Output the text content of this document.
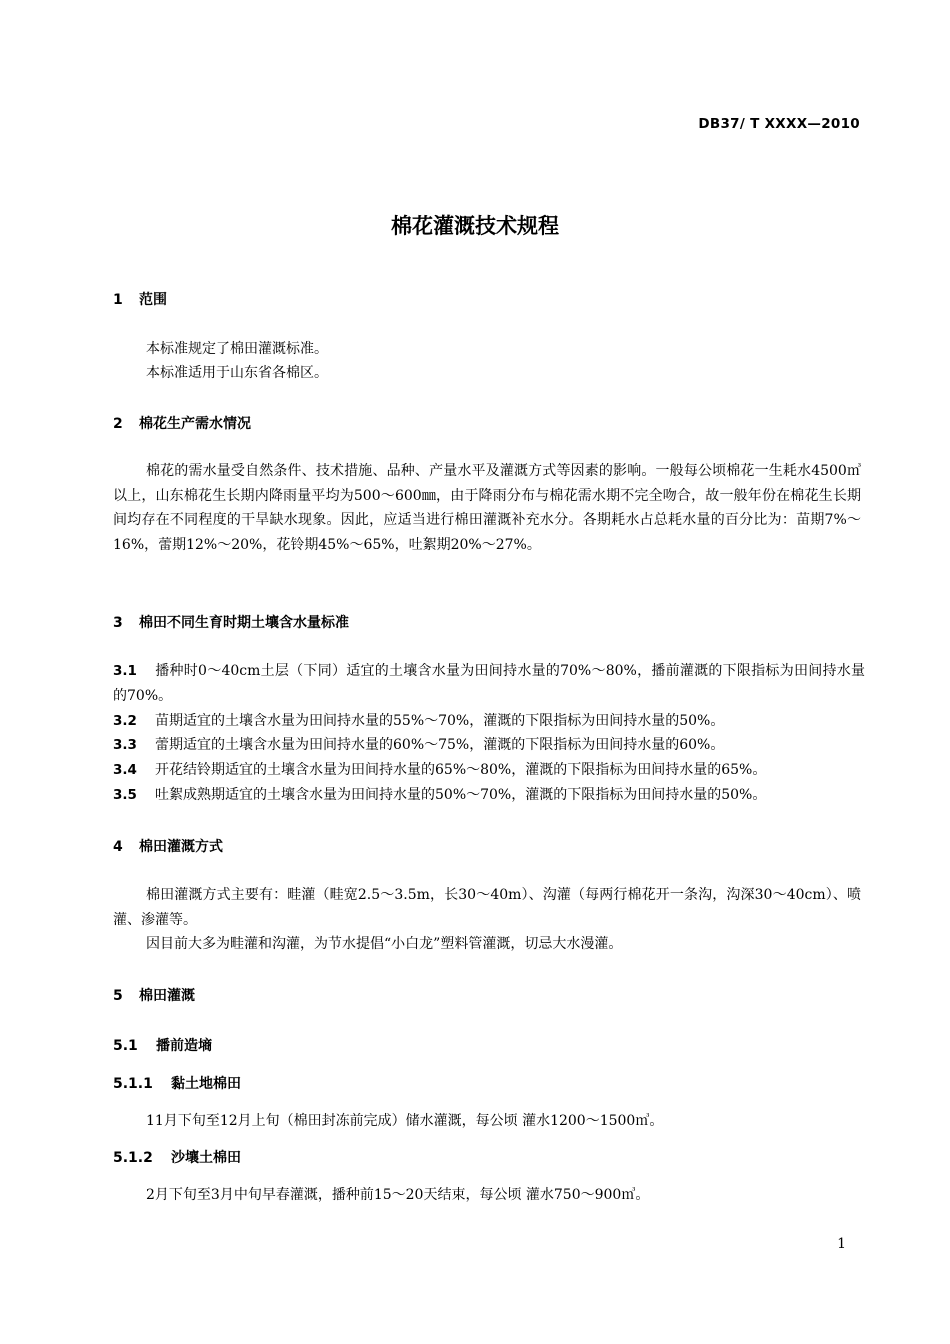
DB37/ T XXXX—2010
棉花灌溉技术规程
1 范围
本标准规定了棉田灌溉标准。
本标准适用于山东省各棉区。
2 棉花生产需水情况
棉花的需水量受自然条件、技术措施、品种、产量水平及灌溉方式等因素的影响。一般每公顷棉花一生耗水4500㎥以上，山东棉花生长期内降雨量平均为500～600㎜，由于降雨分布与棉花需水期不完全吻合，故一般年份在棉花生长期间均存在不同程度的干旱缺水现象。因此，应适当进行棉田灌溉补充水分。各期耗水占总耗水量的百分比为：苗期7%～16%，蕾期12%～20%，花铃期45%～65%，吐絮期20%～27%。
3 棉田不同生育时期土壤含水量标准
3.1 播种时0～40cm土层（下同）适宜的土壤含水量为田间持水量的70%～80%，播前灌溉的下限指标为田间持水量的70%。
3.2 苗期适宜的土壤含水量为田间持水量的55%～70%，灌溉的下限指标为田间持水量的50%。
3.3 蕾期适宜的土壤含水量为田间持水量的60%～75%，灌溉的下限指标为田间持水量的60%。
3.4 开花结铃期适宜的土壤含水量为田间持水量的65%～80%，灌溉的下限指标为田间持水量的65%。
3.5 吐絮成熟期适宜的土壤含水量为田间持水量的50%～70%，灌溉的下限指标为田间持水量的50%。
4 棉田灌溉方式
棉田灌溉方式主要有：畦灌（畦宽2.5～3.5m，长30～40m）、沟灌（每两行棉花开一条沟，沟深30～40cm）、喷灌、渗灌等。
因目前大多为畦灌和沟灌，为节水提倡“小白龙”塑料管灌溉，切忌大水漫灌。
5 棉田灌溉
5.1 播前造墒
5.1.1 黏土地棉田
11月下旬至12月上旬（棉田封冻前完成）储水灌溉，每公顷 灌水1200～1500㎥。
5.1.2 沙壤土棉田
2月下旬至3月中旬早春灌溉，播种前15～20天结束，每公顷 灌水750～900㎥。
1
